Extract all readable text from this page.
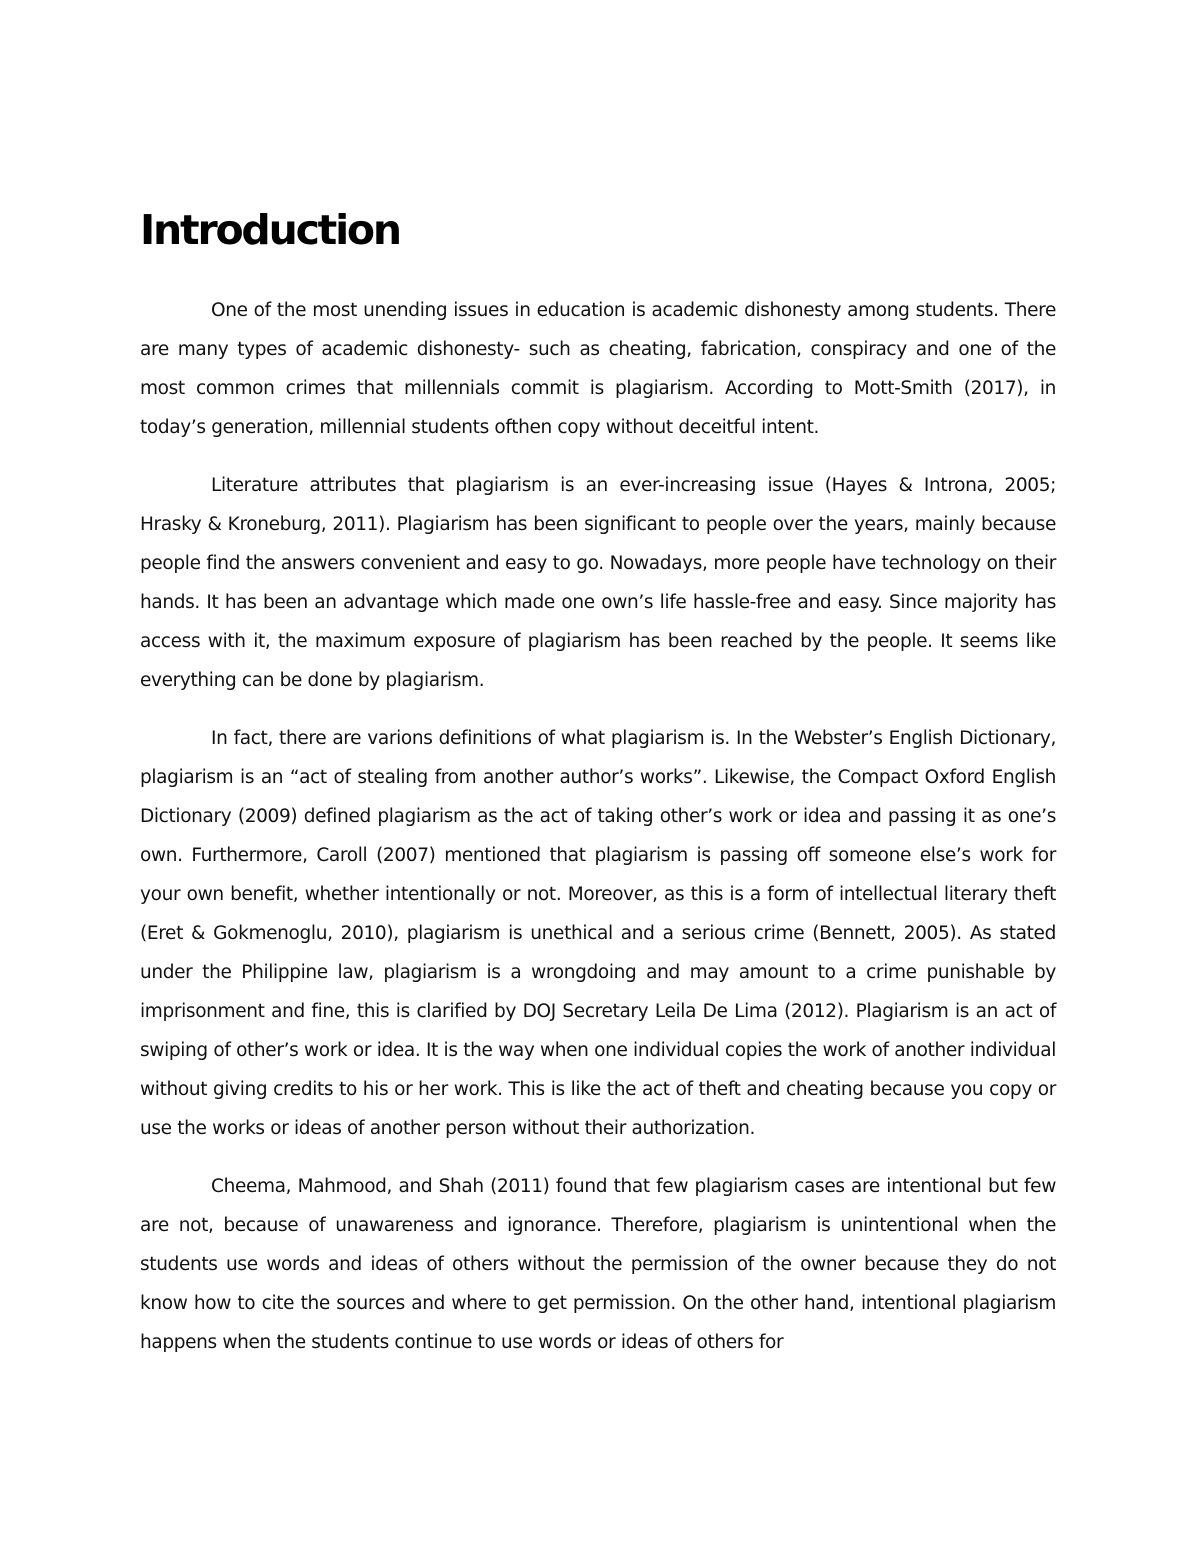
Introduction

One of the most unending issues in education is academic dishonesty among students. There are many types of academic dishonesty- such as cheating, fabrication, conspiracy and one of the most common crimes that millennials commit is plagiarism. According to Mott-Smith (2017), in today’s generation, millennial students ofthen copy without deceitful intent.

Literature attributes that plagiarism is an ever-increasing issue (Hayes & Introna, 2005; Hrasky & Kroneburg, 2011). Plagiarism has been significant to people over the years, mainly because people find the answers convenient and easy to go. Nowadays, more people have technology on their hands. It has been an advantage which made one own’s life hassle-free and easy. Since majority has access with it, the maximum exposure of plagiarism has been reached by the people. It seems like everything can be done by plagiarism.

In fact, there are varions definitions of what plagiarism is. In the Webster’s English Dictionary, plagiarism is an “act of stealing from another author’s works”. Likewise, the Compact Oxford English Dictionary (2009) defined plagiarism as the act of taking other’s work or idea and passing it as one’s own. Furthermore, Caroll (2007) mentioned that plagiarism is passing off someone else’s work for your own benefit, whether intentionally or not. Moreover, as this is a form of intellectual literary theft (Eret & Gokmenoglu, 2010), plagiarism is unethical and a serious crime (Bennett, 2005). As stated under the Philippine law, plagiarism is a wrongdoing and may amount to a crime punishable by imprisonment and fine, this is clarified by DOJ Secretary Leila De Lima (2012). Plagiarism is an act of swiping of other’s work or idea. It is the way when one individual copies the work of another individual without giving credits to his or her work. This is like the act of theft and cheating because you copy or use the works or ideas of another person without their authorization.

Cheema, Mahmood, and Shah (2011) found that few plagiarism cases are intentional but few are not, because of unawareness and ignorance. Therefore, plagiarism is unintentional when the students use words and ideas of others without the permission of the owner because they do not know how to cite the sources and where to get permission. On the other hand, intentional plagiarism happens when the students continue to use words or ideas of others for
